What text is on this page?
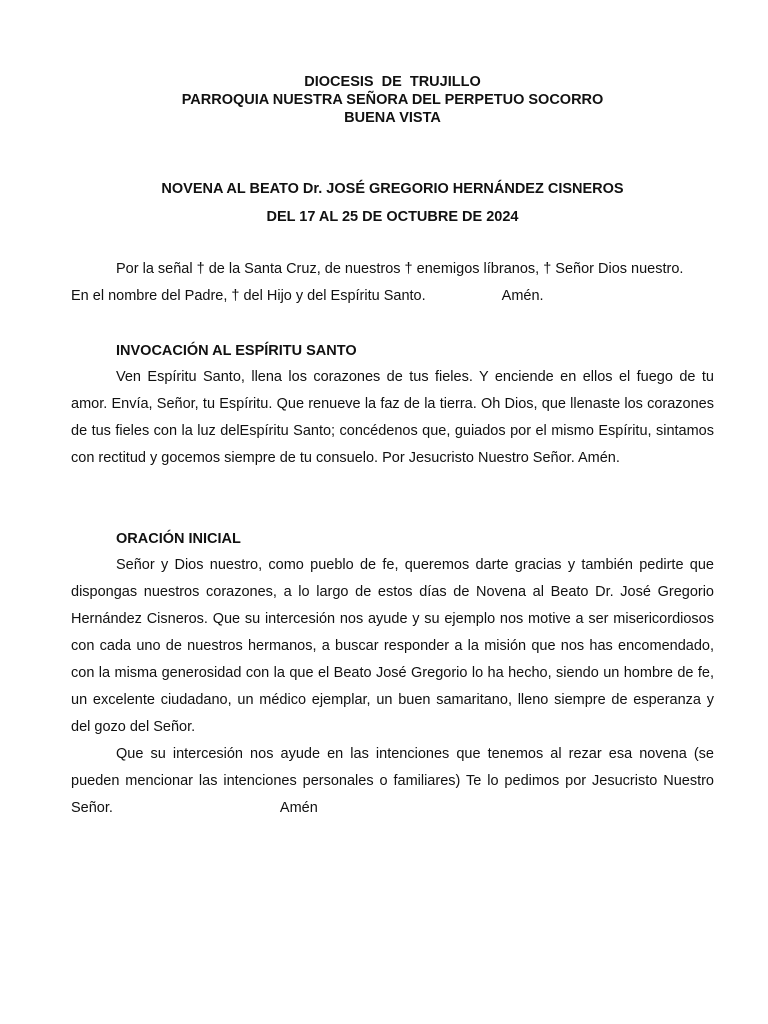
DIOCESIS  DE  TRUJILLO
PARROQUIA NUESTRA SEÑORA DEL PERPETUO SOCORRO
BUENA VISTA
NOVENA AL BEATO Dr. JOSÉ GREGORIO HERNÁNDEZ CISNEROS
DEL 17 AL 25 DE OCTUBRE DE 2024
Por la señal † de la Santa Cruz, de nuestros † enemigos líbranos, † Señor Dios nuestro.
En el nombre del Padre, † del Hijo y del Espíritu Santo.	Amén.
INVOCACIÓN AL ESPÍRITU SANTO

Ven Espíritu Santo, llena los corazones de tus fieles. Y enciende en ellos el fuego de tu amor. Envía, Señor, tu Espíritu. Que renueve la faz de la tierra. Oh Dios, que llenaste los corazones de tus fieles con la luz delEspíritu Santo; concédenos que, guiados por el mismo Espíritu, sintamos con rectitud y gocemos siempre de tu consuelo. Por Jesucristo Nuestro Señor. Amén.

ORACIÓN INICIAL

Señor y Dios nuestro, como pueblo de fe, queremos darte gracias y también pedirte que dispongas nuestros corazones, a lo largo de estos días de Novena al Beato Dr. José Gregorio Hernández Cisneros. Que su intercesión nos ayude y su ejemplo nos motive a ser misericordiosos con cada uno de nuestros hermanos, a buscar responder a la misión que nos has encomendado, con la misma generosidad con la que el Beato José Gregorio lo ha hecho, siendo un hombre de fe, un excelente ciudadano, un médico ejemplar, un buen samaritano, lleno siempre de esperanza y del gozo del Señor.

Que su intercesión nos ayude en las intenciones que tenemos al rezar esa novena (se pueden mencionar las intenciones personales o familiares) Te lo pedimos por Jesucristo Nuestro Señor.	Amén
